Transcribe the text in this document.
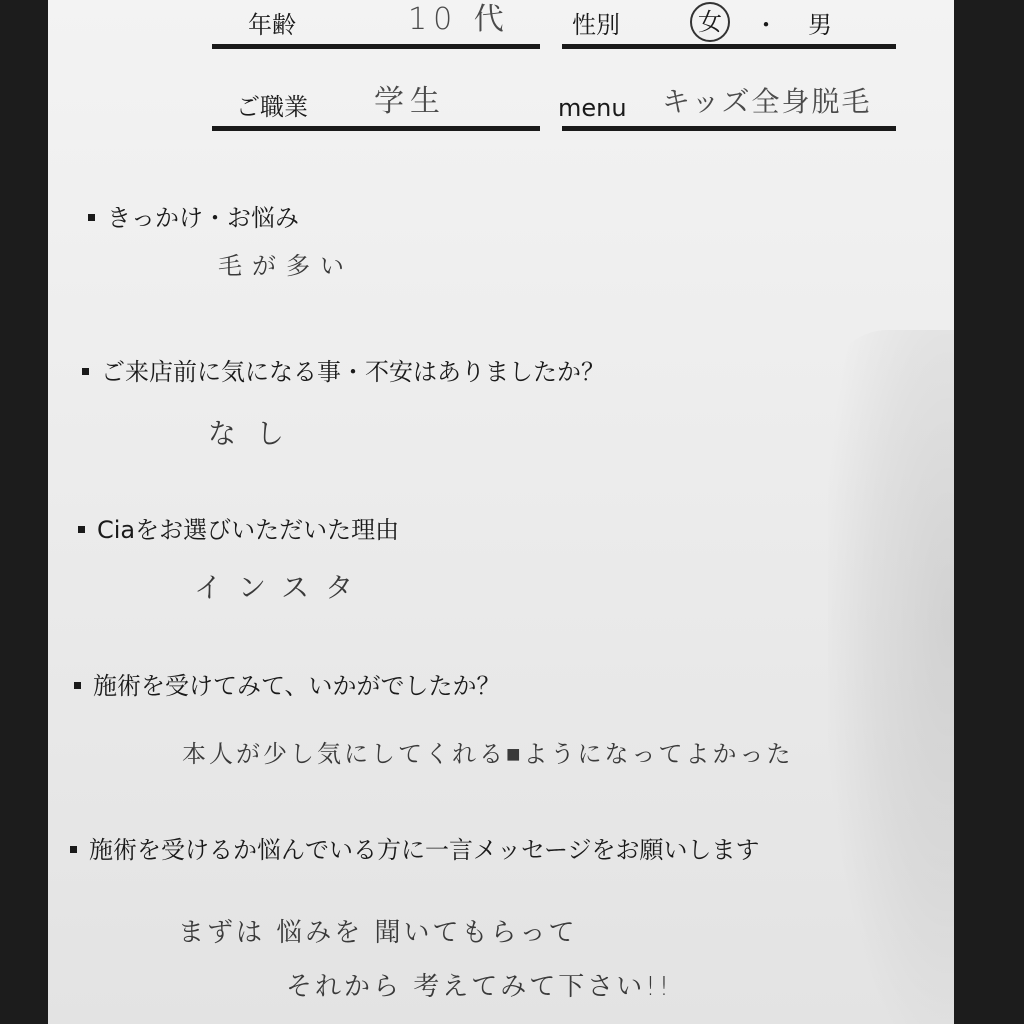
年齢	10 代	性別	女	・ 男
ご職業 学生	menu キッズ全身脱毛
きっかけ・お悩み
毛が多い
ご来店前に気になる事・不安はありましたか？
なし
Ciaをお選びいただいた理由
インスタ
施術を受けてみて、いかがでしたか？
本人が少し気にしてくれる■ようになってよかった
施術を受けるか悩んでいる方に一言メッセージをお願いします
まずは 悩みを 聞いてもらって
それから 考えてみて下さい!!
